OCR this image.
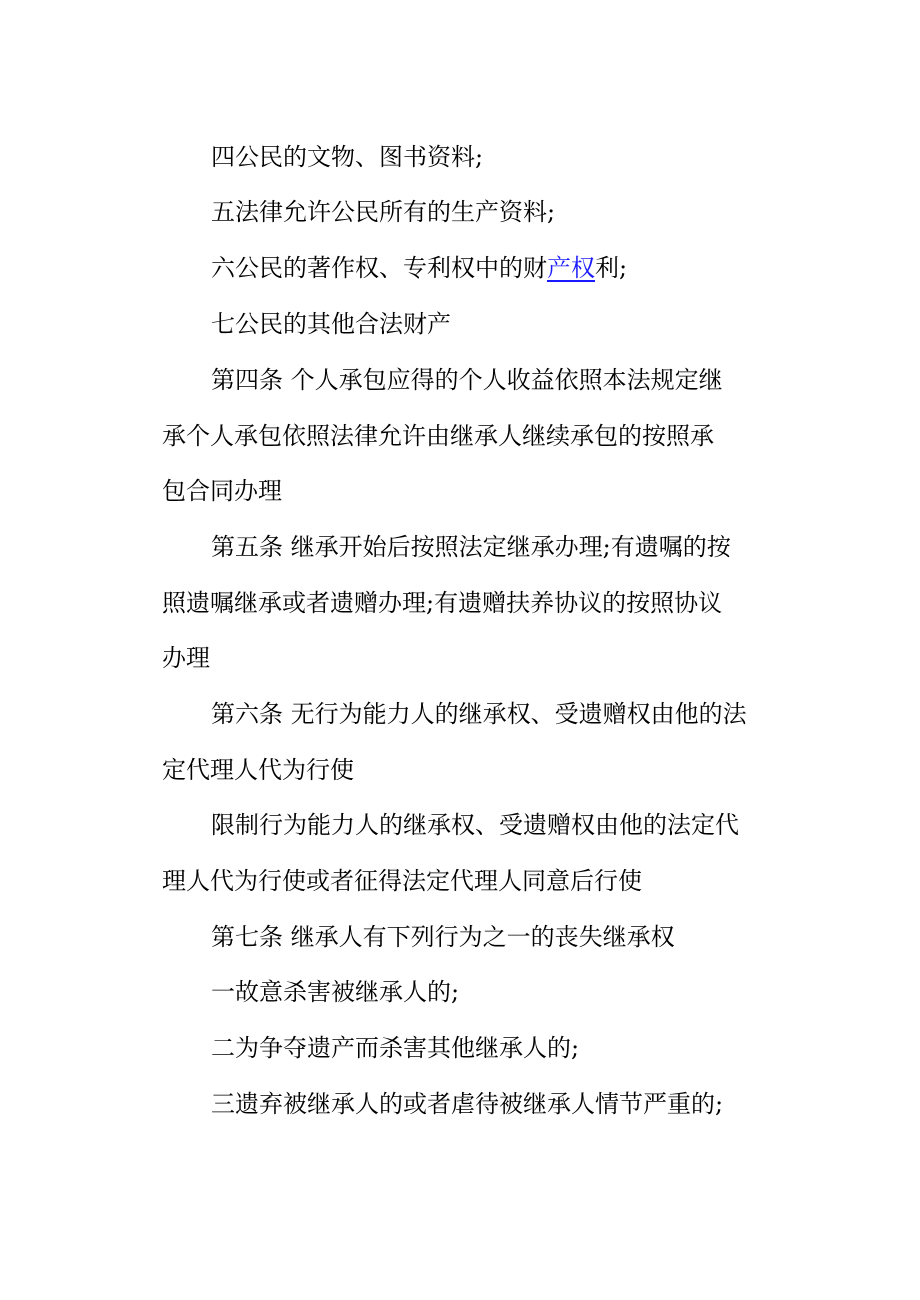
四公民的文物、图书资料;

五法律允许公民所有的生产资料;

六公民的著作权、专利权中的财产权利;

七公民的其他合法财产

第四条 个人承包应得的个人收益依照本法规定继

承个人承包依照法律允许由继承人继续承包的按照承

包合同办理

第五条 继承开始后按照法定继承办理;有遗嘱的按

照遗嘱继承或者遗赠办理;有遗赠扶养协议的按照协议

办理

第六条 无行为能力人的继承权、受遗赠权由他的法

定代理人代为行使

限制行为能力人的继承权、受遗赠权由他的法定代

理人代为行使或者征得法定代理人同意后行使

第七条 继承人有下列行为之一的丧失继承权

一故意杀害被继承人的;

二为争夺遗产而杀害其他继承人的;

三遗弃被继承人的或者虐待被继承人情节严重的;
